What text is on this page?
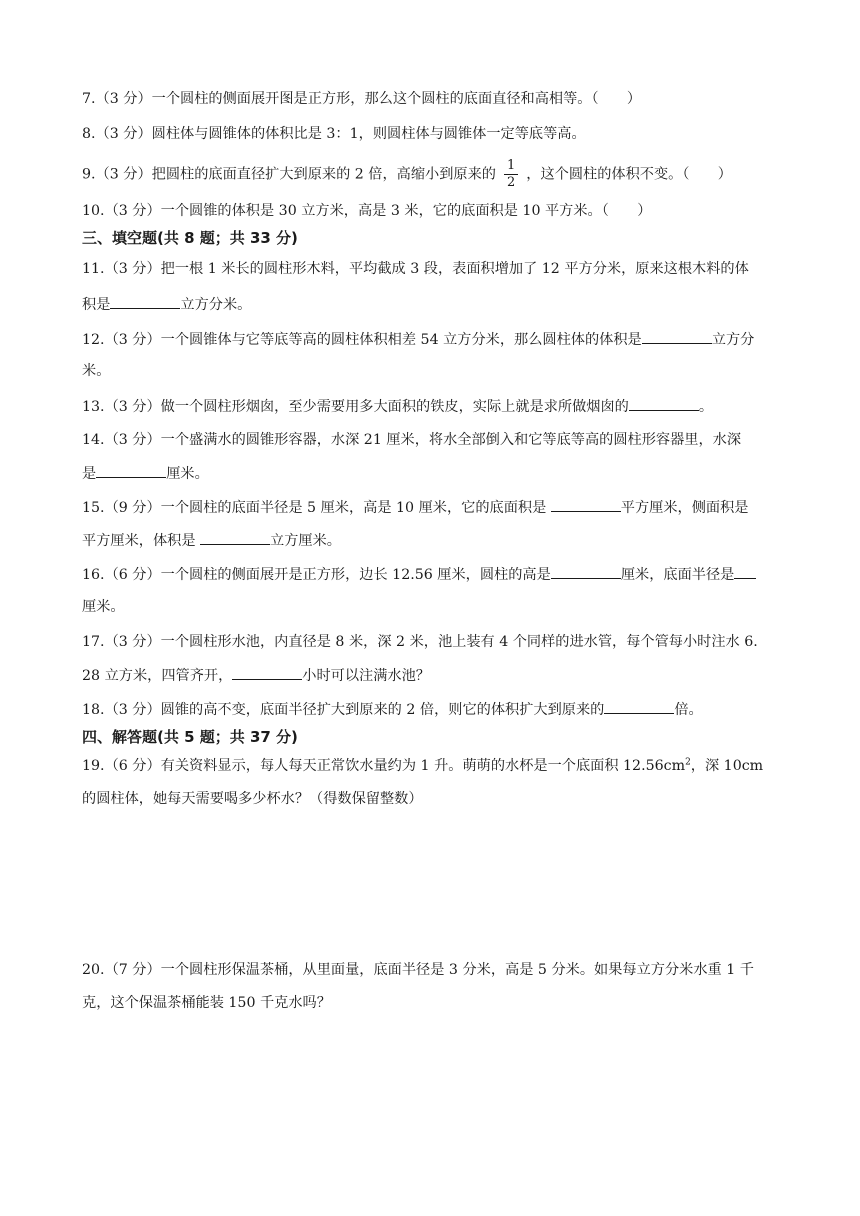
7.（3 分）一个圆柱的侧面展开图是正方形，那么这个圆柱的底面直径和高相等。（　　）
8.（3 分）圆柱体与圆锥体的体积比是 3：1，则圆柱体与圆锥体一定等底等高。
9.（3 分）把圆柱的底面直径扩大到原来的 2 倍，高缩小到原来的 $\frac{1}{2}$ ，这个圆柱的体积不变。（　　）
10.（3 分）一个圆锥的体积是 30 立方米，高是 3 米，它的底面积是 10 平方米。（　　）
三、填空题(共 8 题；共 33 分)
11.（3 分）把一根 1 米长的圆柱形木料，平均截成 3 段，表面积增加了 12 平方分米，原来这根木料的体
积是	立方分米。
12.（3 分）一个圆锥体与它等底等高的圆柱体积相差 54 立方分米，那么圆柱体的体积是	立方分
米。
13.（3 分）做一个圆柱形烟囱，至少需要用多大面积的铁皮，实际上就是求所做烟囱的	。
14.（3 分）一个盛满水的圆锥形容器，水深 21 厘米，将水全部倒入和它等底等高的圆柱形容器里，水深
是	厘米。
15.（9 分）一个圆柱的底面半径是 5 厘米，高是 10 厘米，它的底面积是	平方厘米，侧面积是
平方厘米，体积是	立方厘米。
16.（6 分）一个圆柱的侧面展开是正方形，边长 12.56 厘米，圆柱的高是	厘米，底面半径是
厘米。
17.（3 分）一个圆柱形水池，内直径是 8 米，深 2 米，池上装有 4 个同样的进水管，每个管每小时注水 6.
28 立方米，四管齐开，	小时可以注满水池？
18.（3 分）圆锥的高不变，底面半径扩大到原来的 2 倍，则它的体积扩大到原来的	倍。
四、解答题(共 5 题；共 37 分)
19.（6 分）有关资料显示，每人每天正常饮水量约为 1 升。萌萌的水杯是一个底面积 $12.56cm^2$，深 10cm
的圆柱体，她每天需要喝多少杯水？（得数保留整数）
20.（7 分）一个圆柱形保温茶桶，从里面量，底面半径是 3 分米，高是 5 分米。如果每立方分米水重 1 千
克，这个保温茶桶能装 150 千克水吗？
